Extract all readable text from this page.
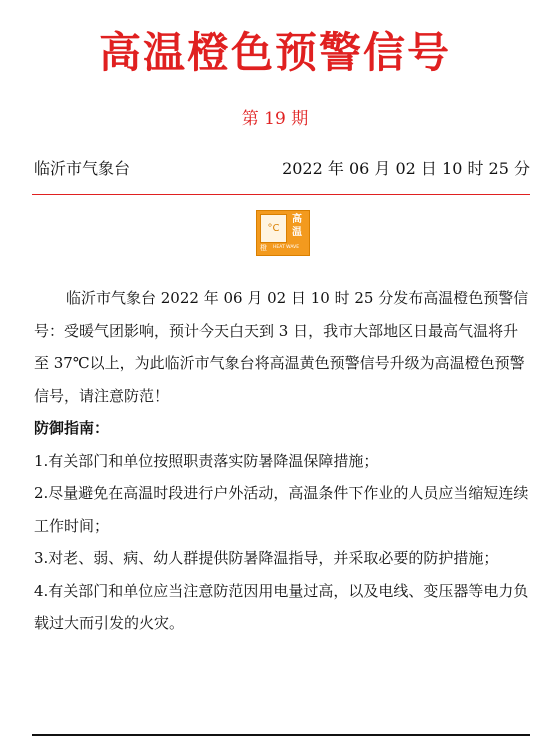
高温橙色预警信号
第 19 期
临沂市气象台	2022 年 06 月 02 日 10 时 25 分
°C
高温
橙	HEAT WAVE

临沂市气象台 2022 年 06 月 02 日 10 时 25 分发布高温橙色预警信号：受暖气团影响，预计今天白天到 3 日，我市大部地区日最高气温将升至 37℃以上，为此临沂市气象台将高温黄色预警信号升级为高温橙色预警信号，请注意防范！

防御指南：

1.有关部门和单位按照职责落实防暑降温保障措施；

2.尽量避免在高温时段进行户外活动，高温条件下作业的人员应当缩短连续工作时间；

3.对老、弱、病、幼人群提供防暑降温指导，并采取必要的防护措施；

4.有关部门和单位应当注意防范因用电量过高，以及电线、变压器等电力负载过大而引发的火灾。
